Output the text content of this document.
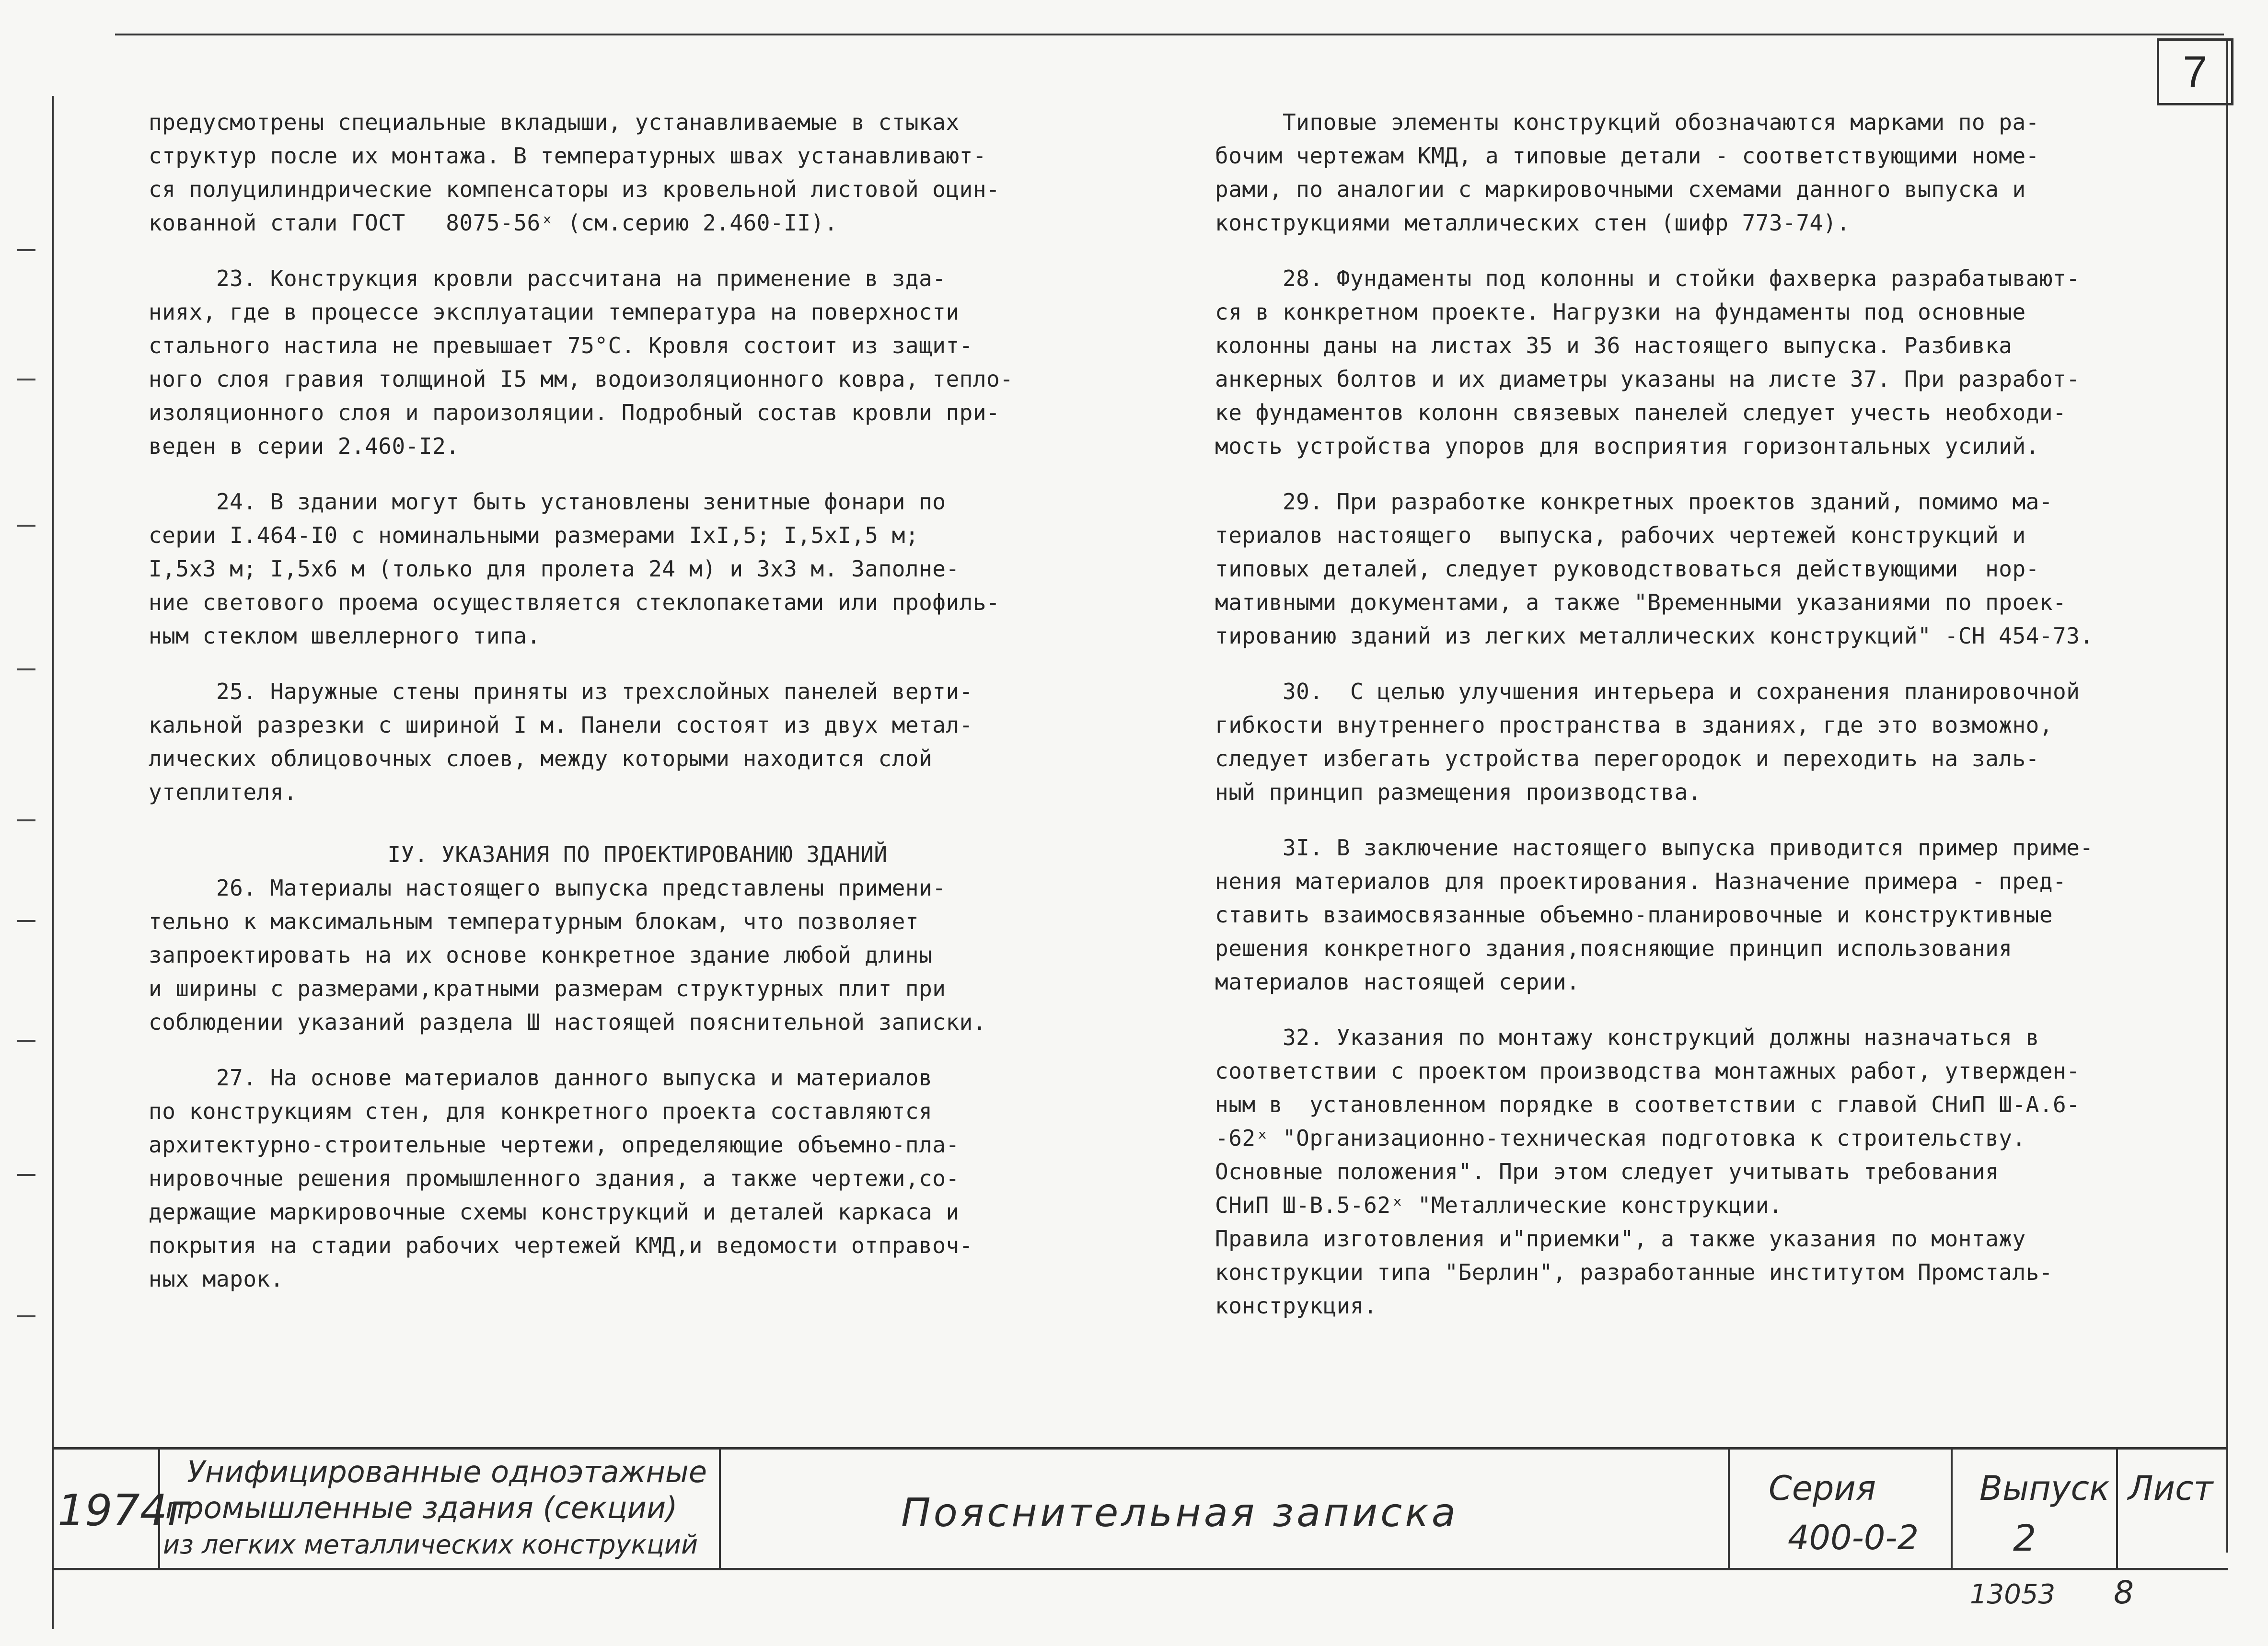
7

предусмотрены специальные вкладыши, устанавливаемые в стыках
структур после их монтажа. В температурных швах устанавливают-
ся полуцилиндрические компенсаторы из кровельной листовой оцин-
кованной стали ГОСТ   8075-56ˣ (см.серию 2.460-II).

23. Конструкция кровли рассчитана на применение в зда-
ниях, где в процессе эксплуатации температура на поверхности
стального настила не превышает 75°С. Кровля состоит из защит-
ного слоя гравия толщиной I5 мм, водоизоляционного ковра, тепло-
изоляционного слоя и пароизоляции. Подробный состав кровли при-
веден в серии 2.460-I2.

24. В здании могут быть установлены зенитные фонари по
серии I.464-I0 с номинальными размерами IxI,5; I,5xI,5 м;
I,5x3 м; I,5x6 м (только для пролета 24 м) и 3x3 м. Заполне-
ние светового проема осуществляется стеклопакетами или профиль-
ным стеклом швеллерного типа.

25. Наружные стены приняты из трехслойных панелей верти-
кальной разрезки с шириной I м. Панели состоят из двух метал-
лических облицовочных слоев, между которыми находится слой
утеплителя.

IУ. УКАЗАНИЯ ПО ПРОЕКТИРОВАНИЮ ЗДАНИЙ

26. Материалы настоящего выпуска представлены примени-
тельно к максимальным температурным блокам, что позволяет
запроектировать на их основе конкретное здание любой длины
и ширины с размерами,кратными размерам структурных плит при
соблюдении указаний раздела Ш настоящей пояснительной записки.

27. На основе материалов данного выпуска и материалов
по конструкциям стен, для конкретного проекта составляются
архитектурно-строительные чертежи, определяющие объемно-пла-
нировочные решения промышленного здания, а также чертежи,со-
держащие маркировочные схемы конструкций и деталей каркаса и
покрытия на стадии рабочих чертежей КМД,и ведомости отправоч-
ных марок.

Типовые элементы конструкций обозначаются марками по ра-
бочим чертежам КМД, а типовые детали - соответствующими номе-
рами, по аналогии с маркировочными схемами данного выпуска и
конструкциями металлических стен (шифр 773-74).

28. Фундаменты под колонны и стойки фахверка разрабатывают-
ся в конкретном проекте. Нагрузки на фундаменты под основные
колонны даны на листах 35 и 36 настоящего выпуска. Разбивка
анкерных болтов и их диаметры указаны на листе 37. При разработ-
ке фундаментов колонн связевых панелей следует учесть необходи-
мость устройства упоров для восприятия горизонтальных усилий.

29. При разработке конкретных проектов зданий, помимо ма-
териалов настоящего  выпуска, рабочих чертежей конструкций и
типовых деталей, следует руководствоваться действующими  нор-
мативными документами, а также "Временными указаниями по проек-
тированию зданий из легких металлических конструкций" -СН 454-73.

30.  С целью улучшения интерьера и сохранения планировочной
гибкости внутреннего пространства в зданиях, где это возможно,
следует избегать устройства перегородок и переходить на заль-
ный принцип размещения производства.

3I. В заключение настоящего выпуска приводится пример приме-
нения материалов для проектирования. Назначение примера - пред-
ставить взаимосвязанные объемно-планировочные и конструктивные
решения конкретного здания,поясняющие принцип использования
материалов настоящей серии.

32. Указания по монтажу конструкций должны назначаться в
соответствии с проектом производства монтажных работ, утвержден-
ным в  установленном порядке в соответствии с главой СНиП Ш-А.6-
-62ˣ "Организационно-техническая подготовка к строительству.
Основные положения". При этом следует учитывать требования
СНиП Ш-В.5-62ˣ "Металлические конструкции.
Правила изготовления и"приемки", а также указания по монтажу
конструкции типа "Берлин", разработанные институтом Промсталь-
конструкция.

1974г
Унифицированные одноэтажные
промышленные здания (секции)
из легких металлических конструкций
Пояснительная записка
Серия
400-0-2
Выпуск
2
Лист
13053 8
